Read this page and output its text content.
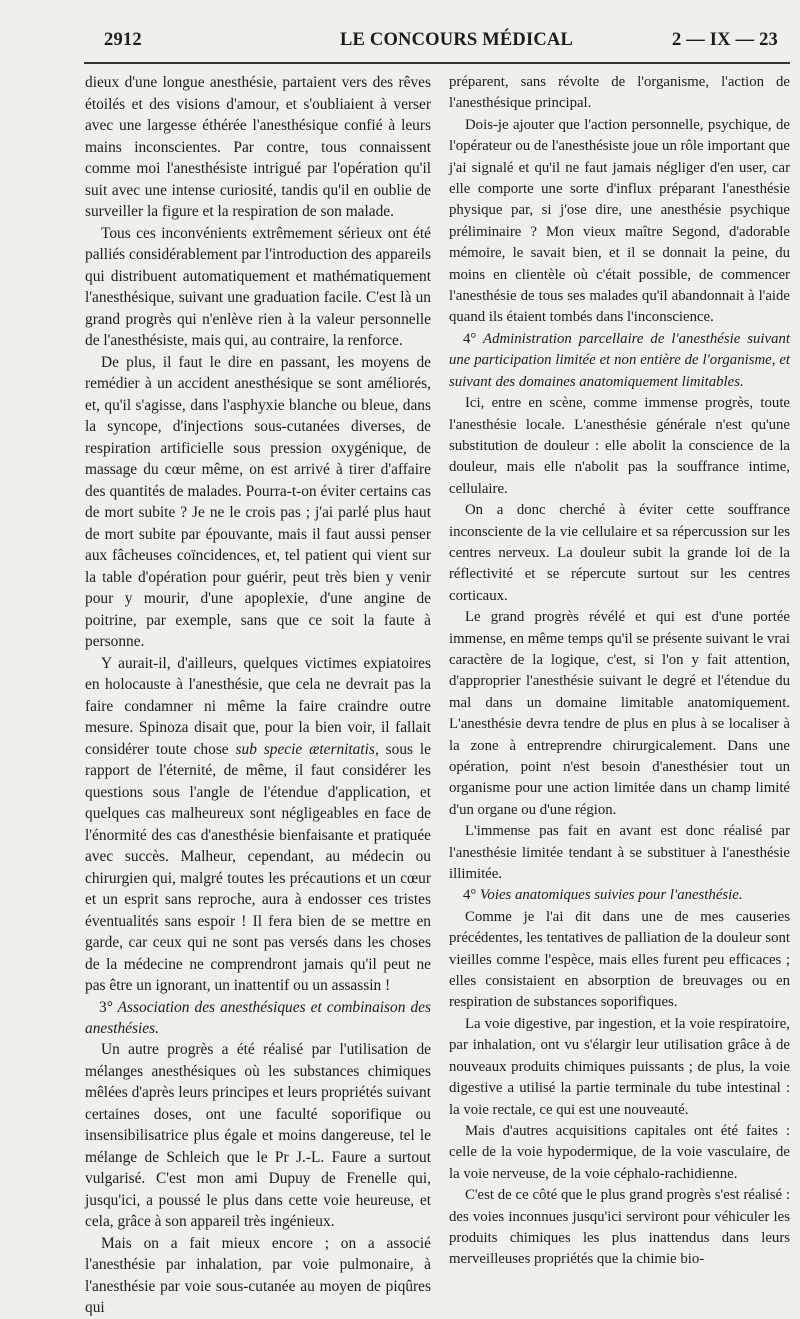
2912	LE CONCOURS MÉDICAL	2 — IX — 23

dieux d'une longue anesthésie, partaient vers des rêves étoilés et des visions d'amour, et s'oubliaient à verser avec une largesse éthérée l'anesthésique confié à leurs mains inconscientes. Par contre, tous connaissent comme moi l'anesthésiste intrigué par l'opération qu'il suit avec une intense curiosité, tandis qu'il en oublie de surveiller la figure et la respiration de son malade.

Tous ces inconvénients extrêmement sérieux ont été palliés considérablement par l'introduction des appareils qui distribuent automatiquement et mathématiquement l'anesthésique, suivant une graduation facile. C'est là un grand progrès qui n'enlève rien à la valeur personnelle de l'anesthésiste, mais qui, au contraire, la renforce.

De plus, il faut le dire en passant, les moyens de remédier à un accident anesthésique se sont améliorés, et, qu'il s'agisse, dans l'asphyxie blanche ou bleue, dans la syncope, d'injections sous-cutanées diverses, de respiration artificielle sous pression oxygénique, de massage du cœur même, on est arrivé à tirer d'affaire des quantités de malades. Pourra-t-on éviter certains cas de mort subite ? Je ne le crois pas ; j'ai parlé plus haut de mort subite par épouvante, mais il faut aussi penser aux fâcheuses coïncidences, et, tel patient qui vient sur la table d'opération pour guérir, peut très bien y venir pour y mourir, d'une apoplexie, d'une angine de poitrine, par exemple, sans que ce soit la faute à personne.

Y aurait-il, d'ailleurs, quelques victimes expiatoires en holocauste à l'anesthésie, que cela ne devrait pas la faire condamner ni même la faire craindre outre mesure. Spinoza disait que, pour la bien voir, il fallait considérer toute chose sub specie æternitatis, sous le rapport de l'éternité, de même, il faut considérer les questions sous l'angle de l'étendue d'application, et quelques cas malheureux sont négligeables en face de l'énormité des cas d'anesthésie bienfaisante et pratiquée avec succès. Malheur, cependant, au médecin ou chirurgien qui, malgré toutes les précautions et un cœur et un esprit sans reproche, aura à endosser ces tristes éventualités sans espoir ! Il fera bien de se mettre en garde, car ceux qui ne sont pas versés dans les choses de la médecine ne comprendront jamais qu'il peut ne pas être un ignorant, un inattentif ou un assassin !

3° Association des anesthésiques et combinaison des anesthésies.

Un autre progrès a été réalisé par l'utilisation de mélanges anesthésiques où les substances chimiques mêlées d'après leurs principes et leurs propriétés suivant certaines doses, ont une faculté soporifique ou insensibilisatrice plus égale et moins dangereuse, tel le mélange de Schleich que le Pr J.-L. Faure a surtout vulgarisé. C'est mon ami Dupuy de Frenelle qui, jusqu'ici, a poussé le plus dans cette voie heureuse, et cela, grâce à son appareil très ingénieux.

Mais on a fait mieux encore ; on a associé l'anesthésie par inhalation, par voie pulmonaire, à l'anesthésie par voie sous-cutanée au moyen de piqûres qui

préparent, sans révolte de l'organisme, l'action de l'anesthésique principal.

Dois-je ajouter que l'action personnelle, psychique, de l'opérateur ou de l'anesthésiste joue un rôle important que j'ai signalé et qu'il ne faut jamais négliger d'en user, car elle comporte une sorte d'influx préparant l'anesthésie physique par, si j'ose dire, une anesthésie psychique préliminaire ? Mon vieux maître Segond, d'adorable mémoire, le savait bien, et il se donnait la peine, du moins en clientèle où c'était possible, de commencer l'anesthésie de tous ses malades qu'il abandonnait à l'aide quand ils étaient tombés dans l'inconscience.

4° Administration parcellaire de l'anesthésie suivant une participation limitée et non entière de l'organisme, et suivant des domaines anatomiquement limitables.

Ici, entre en scène, comme immense progrès, toute l'anesthésie locale. L'anesthésie générale n'est qu'une substitution de douleur : elle abolit la conscience de la douleur, mais elle n'abolit pas la souffrance intime, cellulaire.

On a donc cherché à éviter cette souffrance inconsciente de la vie cellulaire et sa répercussion sur les centres nerveux. La douleur subit la grande loi de la réflectivité et se répercute surtout sur les centres corticaux.

Le grand progrès révélé et qui est d'une portée immense, en même temps qu'il se présente suivant le vrai caractère de la logique, c'est, si l'on y fait attention, d'approprier l'anesthésie suivant le degré et l'étendue du mal dans un domaine limitable anatomiquement. L'anesthésie devra tendre de plus en plus à se localiser à la zone à entreprendre chirurgicalement. Dans une opération, point n'est besoin d'anesthésier tout un organisme pour une action limitée dans un champ limité d'un organe ou d'une région.

L'immense pas fait en avant est donc réalisé par l'anesthésie limitée tendant à se substituer à l'anesthésie illimitée.

4° Voies anatomiques suivies pour l'anesthésie.

Comme je l'ai dit dans une de mes causeries précédentes, les tentatives de palliation de la douleur sont vieilles comme l'espèce, mais elles furent peu efficaces ; elles consistaient en absorption de breuvages ou en respiration de substances soporifiques.

La voie digestive, par ingestion, et la voie respiratoire, par inhalation, ont vu s'élargir leur utilisation grâce à de nouveaux produits chimiques puissants ; de plus, la voie digestive a utilisé la partie terminale du tube intestinal : la voie rectale, ce qui est une nouveauté.

Mais d'autres acquisitions capitales ont été faites : celle de la voie hypodermique, de la voie vasculaire, de la voie nerveuse, de la voie céphalo-rachidienne.

C'est de ce côté que le plus grand progrès s'est réalisé : des voies inconnues jusqu'ici serviront pour véhiculer les produits chimiques les plus inattendus dans leurs merveilleuses propriétés que la chimie bio-
